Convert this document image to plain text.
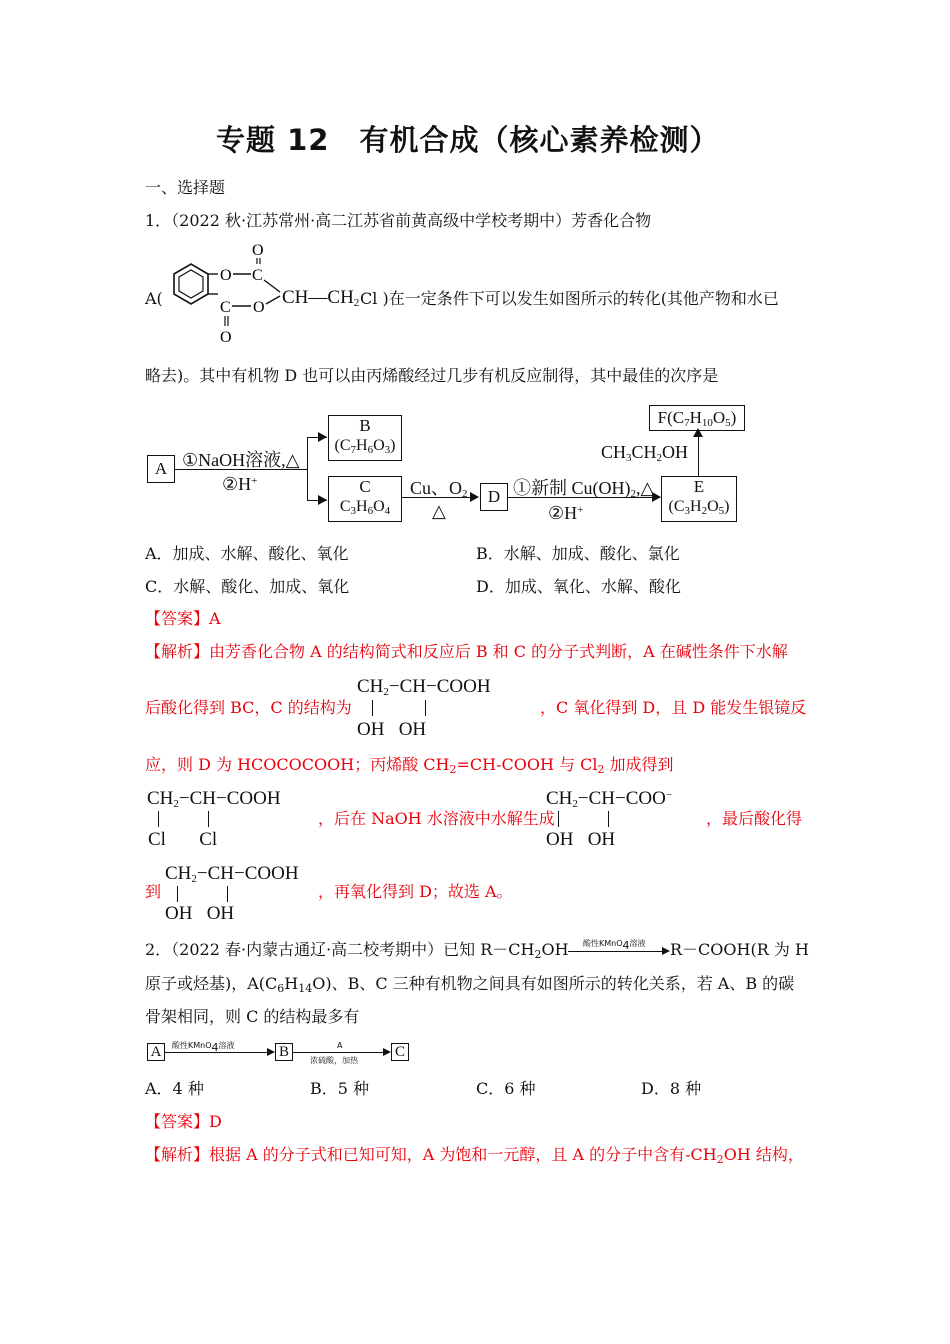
专题 12　有机合成（核心素养检测）
一、选择题
1．（2022 秋·江苏常州·高二江苏省前黄高级中学校考期中）芳香化合物
A(
O
C
C
O
O
O
$CH—CH_2$ Cl )在一定条件下可以发生如图所示的转化(其他产物和水已
略去)。其中有机物 D 也可以由丙烯酸经过几步有机反应制得，其中最佳的次序是
A ①NaOH溶液,△
②H+
B
$(C_7H_6O_3)$
C
$C_3H_6O_4$
Cu、$O_2$
△
D ①新制 $Cu(OH)_2,\triangle$
②H+
E
$(C_3H_2O_5)$
$CH_3CH_2OH$
$F(C_7H_{10}O_5)$
A．加成、水解、酸化、氧化	B．水解、加成、酸化、氯化
C．水解、酸化、加成、氧化	D．加成、氧化、水解、酸化
【答案】A
【解析】由芳香化合物 A 的结构简式和反应后 B 和 C 的分子式判断，A 在碱性条件下水解
后酸化得到 BC，C 的结构为
$CH_2-CH-COOH$
OH   OH
，C 氧化得到 D，且 D 能发生银镜反
应，则 D 为 HCOCOCOOH；丙烯酸 $CH_2=CH$-COOH 与 $Cl_2$ 加成得到
$CH_2-CH-COOH$
Cl       Cl
，后在 NaOH 水溶液中水解生成
$CH_2-CH-COO^-$
OH   OH
，最后酸化得
到
$CH_2-CH-COOH$
OH   OH
，再氧化得到 D；故选 A。
2．（2022 春·内蒙古通辽·高二校考期中）已知 $R-CH_2OH$ 酸性KMnO$_4$溶液 R－COOH(R 为 H
原子或烃基)，$A(C_6H_{14}O)$、B、C 三种有机物之间具有如图所示的转化关系，若 A、B 的碳
骨架相同，则 C 的结构最多有
A	酸性KMnO$_4$溶液	B	A
浓硫酸，加热
C
A．4 种	B．5 种	C．6 种	D．8 种
【答案】D
【解析】根据 A 的分子式和已知可知，A 为饱和一元醇，且 A 的分子中含有$-CH_2OH$ 结构，
